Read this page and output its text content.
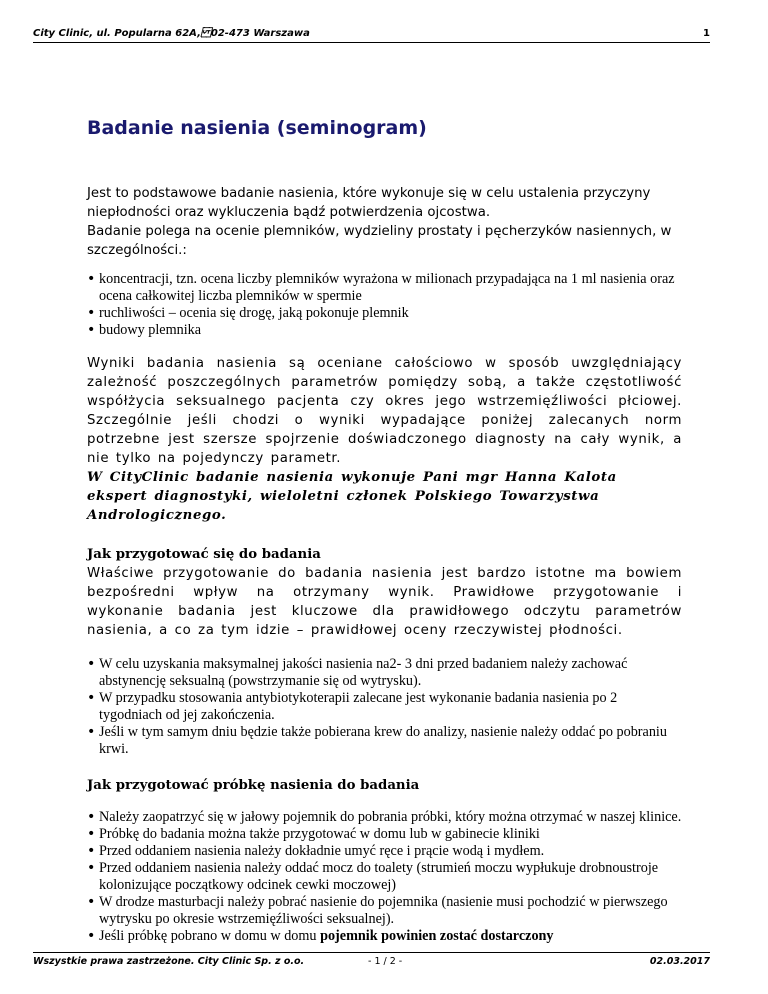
City Clinic, ul. Popularna 62A,02-473 Warszawa	1
Badanie nasienia (seminogram)

Jest to podstawowe badanie nasienia, które wykonuje się w celu ustalenia przyczyny niepłodności oraz wykluczenia bądź potwierdzenia ojcostwa.

Badanie polega na ocenie plemników, wydzieliny prostaty i pęcherzyków nasiennych, w szczególności.:

• koncentracji, tzn. ocena liczby plemników wyrażona w milionach przypadająca na 1 ml nasienia oraz ocena całkowitej liczba plemników w spermie
• ruchliwości – ocenia się drogę, jaką pokonuje plemnik
• budowy plemnika

Wyniki badania nasienia są oceniane całościowo w sposób uwzględniający zależność poszczególnych parametrów pomiędzy sobą, a także częstotliwość współżycia seksualnego pacjenta czy okres jego wstrzemięźliwości płciowej. Szczególnie jeśli chodzi o wyniki wypadające poniżej zalecanych norm potrzebne jest szersze spojrzenie doświadczonego diagnosty na cały wynik, a nie tylko na pojedynczy parametr.

W CityClinic badanie nasienia wykonuje Pani mgr Hanna Kalota ekspert diagnostyki, wieloletni członek Polskiego Towarzystwa Andrologicznego.

Jak przygotować się do badania

Właściwe przygotowanie do badania nasienia jest bardzo istotne ma bowiem bezpośredni wpływ na otrzymany wynik. Prawidłowe przygotowanie i wykonanie badania jest kluczowe dla prawidłowego odczytu parametrów nasienia, a co za tym idzie – prawidłowej oceny rzeczywistej płodności.

• W celu uzyskania maksymalnej jakości nasienia na2- 3 dni przed badaniem należy zachować abstynencję seksualną (powstrzymanie się od wytrysku).
• W przypadku stosowania antybiotykoterapii zalecane jest wykonanie badania nasienia po 2 tygodniach od jej zakończenia.
• Jeśli w tym samym dniu będzie także pobierana krew do analizy, nasienie należy oddać po pobraniu krwi.

Jak przygotować próbkę nasienia do badania

• Należy zaopatrzyć się w jałowy pojemnik do pobrania próbki, który można otrzymać w naszej klinice.
• Próbkę do badania można także przygotować w domu lub w gabinecie kliniki
• Przed oddaniem nasienia należy dokładnie umyć ręce i prącie wodą i mydłem.
• Przed oddaniem nasienia należy oddać mocz do toalety (strumień moczu wypłukuje drobnoustroje kolonizujące początkowy odcinek cewki moczowej)
• W drodze masturbacji należy pobrać nasienie do pojemnika (nasienie musi pochodzić w pierwszego wytrysku po okresie wstrzemięźliwości seksualnej).
• Jeśli próbkę pobrano w domu w domu pojemnik powinien zostać dostarczony
Wszystkie prawa zastrzeżone. City Clinic Sp. z o.o.	- 1 / 2 -	02.03.2017
